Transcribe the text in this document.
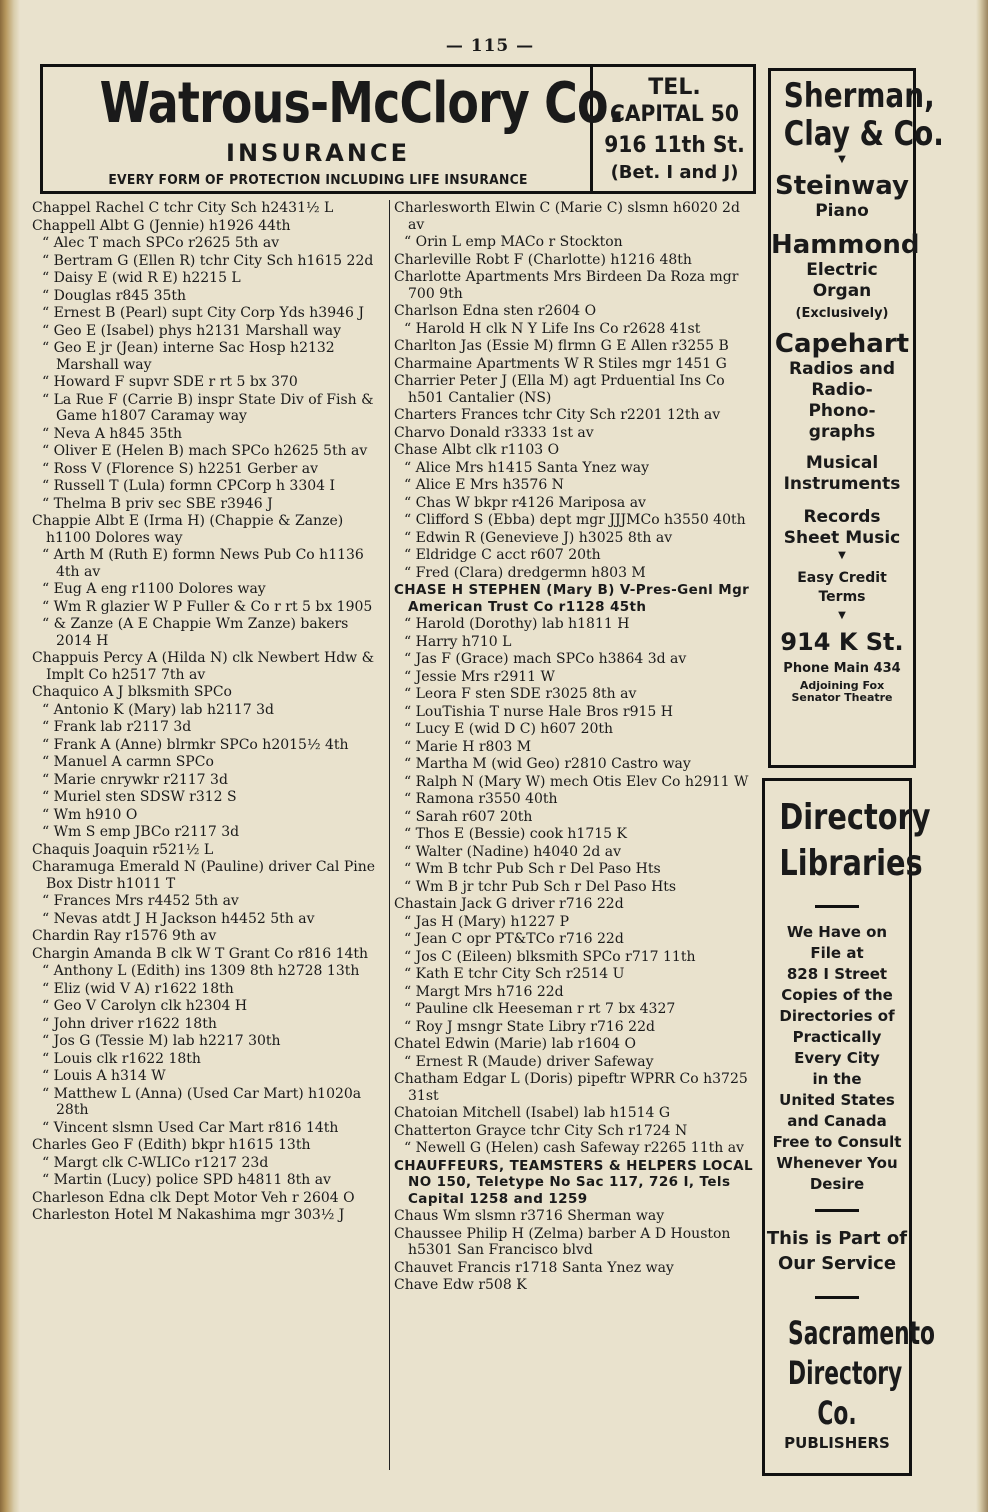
— 115 —
Watrous-McClory Co.
INSURANCE
EVERY FORM OF PROTECTION INCLUDING LIFE INSURANCE
TEL.
CAPITAL 50
916 11th St.
(Bet. I and J)
Chappel Rachel C tchr City Sch h2431½ L
Chappell Albt G (Jennie) h1926 44th
“ Alec T mach SPCo r2625 5th av
“ Bertram G (Ellen R) tchr City Sch h1615 22d
“ Daisy E (wid R E) h2215 L
“ Douglas r845 35th
“ Ernest B (Pearl) supt City Corp Yds h3946 J
“ Geo E (Isabel) phys h2131 Marshall way
“ Geo E jr (Jean) interne Sac Hosp h2132 Marshall way
“ Howard F supvr SDE r rt 5 bx 370
“ La Rue F (Carrie B) inspr State Div of Fish & Game h1807 Caramay way
“ Neva A h845 35th
“ Oliver E (Helen B) mach SPCo h2625 5th av
“ Ross V (Florence S) h2251 Gerber av
“ Russell T (Lula) formn CPCorp h 3304 I
“ Thelma B priv sec SBE r3946 J
Chappie Albt E (Irma H) (Chappie & Zanze) h1100 Dolores way
“ Arth M (Ruth E) formn News Pub Co h1136 4th av
“ Eug A eng r1100 Dolores way
“ Wm R glazier W P Fuller & Co r rt 5 bx 1905
“ & Zanze (A E Chappie Wm Zanze) bakers 2014 H
Chappuis Percy A (Hilda N) clk Newbert Hdw & Implt Co h2517 7th av
Chaquico A J blksmith SPCo
“ Antonio K (Mary) lab h2117 3d
“ Frank lab r2117 3d
“ Frank A (Anne) blrmkr SPCo h2015½ 4th
“ Manuel A carmn SPCo
“ Marie cnrywkr r2117 3d
“ Muriel sten SDSW r312 S
“ Wm h910 O
“ Wm S emp JBCo r2117 3d
Chaquis Joaquin r521½ L
Charamuga Emerald N (Pauline) driver Cal Pine Box Distr h1011 T
“ Frances Mrs r4452 5th av
“ Nevas atdt J H Jackson h4452 5th av
Chardin Ray r1576 9th av
Chargin Amanda B clk W T Grant Co r816 14th
“ Anthony L (Edith) ins 1309 8th h2728 13th
“ Eliz (wid V A) r1622 18th
“ Geo V Carolyn clk h2304 H
“ John driver r1622 18th
“ Jos G (Tessie M) lab h2217 30th
“ Louis clk r1622 18th
“ Louis A h314 W
“ Matthew L (Anna) (Used Car Mart) h1020a 28th
“ Vincent slsmn Used Car Mart r816 14th
Charles Geo F (Edith) bkpr h1615 13th
“ Margt clk C-WLICo r1217 23d
“ Martin (Lucy) police SPD h4811 8th av
Charleson Edna clk Dept Motor Veh r 2604 O
Charleston Hotel M Nakashima mgr 303½ J
Charlesworth Elwin C (Marie C) slsmn h6020 2d av
“ Orin L emp MACo r Stockton
Charleville Robt F (Charlotte) h1216 48th
Charlotte Apartments Mrs Birdeen Da Roza mgr 700 9th
Charlson Edna sten r2604 O
“ Harold H clk N Y Life Ins Co r2628 41st
Charlton Jas (Essie M) flrmn G E Allen r3255 B
Charmaine Apartments W R Stiles mgr 1451 G
Charrier Peter J (Ella M) agt Prduential Ins Co h501 Cantalier (NS)
Charters Frances tchr City Sch r2201 12th av
Charvo Donald r3333 1st av
Chase Albt clk r1103 O
“ Alice Mrs h1415 Santa Ynez way
“ Alice E Mrs h3576 N
“ Chas W bkpr r4126 Mariposa av
“ Clifford S (Ebba) dept mgr JJJMCo h3550 40th
“ Edwin R (Genevieve J) h3025 8th av
“ Eldridge C acct r607 20th
“ Fred (Clara) dredgermn h803 M
CHASE H STEPHEN (Mary B) V-Pres-Genl Mgr American Trust Co r1128 45th
“ Harold (Dorothy) lab h1811 H
“ Harry h710 L
“ Jas F (Grace) mach SPCo h3864 3d av
“ Jessie Mrs r2911 W
“ Leora F sten SDE r3025 8th av
“ LouTishia T nurse Hale Bros r915 H
“ Lucy E (wid D C) h607 20th
“ Marie H r803 M
“ Martha M (wid Geo) r2810 Castro way
“ Ralph N (Mary W) mech Otis Elev Co h2911 W
“ Ramona r3550 40th
“ Sarah r607 20th
“ Thos E (Bessie) cook h1715 K
“ Walter (Nadine) h4040 2d av
“ Wm B tchr Pub Sch r Del Paso Hts
“ Wm B jr tchr Pub Sch r Del Paso Hts
Chastain Jack G driver r716 22d
“ Jas H (Mary) h1227 P
“ Jean C opr PT&TCo r716 22d
“ Jos C (Eileen) blksmith SPCo r717 11th
“ Kath E tchr City Sch r2514 U
“ Margt Mrs h716 22d
“ Pauline clk Heeseman r rt 7 bx 4327
“ Roy J msngr State Libry r716 22d
Chatel Edwin (Marie) lab r1604 O
“ Ernest R (Maude) driver Safeway
Chatham Edgar L (Doris) pipeftr WPRR Co h3725 31st
Chatoian Mitchell (Isabel) lab h1514 G
Chatterton Grayce tchr City Sch r1724 N
“ Newell G (Helen) cash Safeway r2265 11th av
CHAUFFEURS, TEAMSTERS & HELPERS LOCAL NO 150, Teletype No Sac 117, 726 I, Tels Capital 1258 and 1259
Chaus Wm slsmn r3716 Sherman way
Chaussee Philip H (Zelma) barber A D Houston h5301 San Francisco blvd
Chauvet Francis r1718 Santa Ynez way
Chave Edw r508 K
Sherman,
Clay & Co.
▼
Steinway
Piano
Hammond
Electric
Organ
(Exclusively)
Capehart
Radios and
Radio-
Phono-
graphs
Musical
Instruments
Records
Sheet Music
▼
Easy Credit
Terms
▼
914 K St.
Phone Main 434
Adjoining Fox
Senator Theatre
Directory
Libraries
We Have on
File at
828 I Street
Copies of the
Directories of
Practically
Every City
in the
United States
and Canada
Free to Consult
Whenever You
Desire
This is Part of
Our Service
Sacramento
Directory
Co.
PUBLISHERS
